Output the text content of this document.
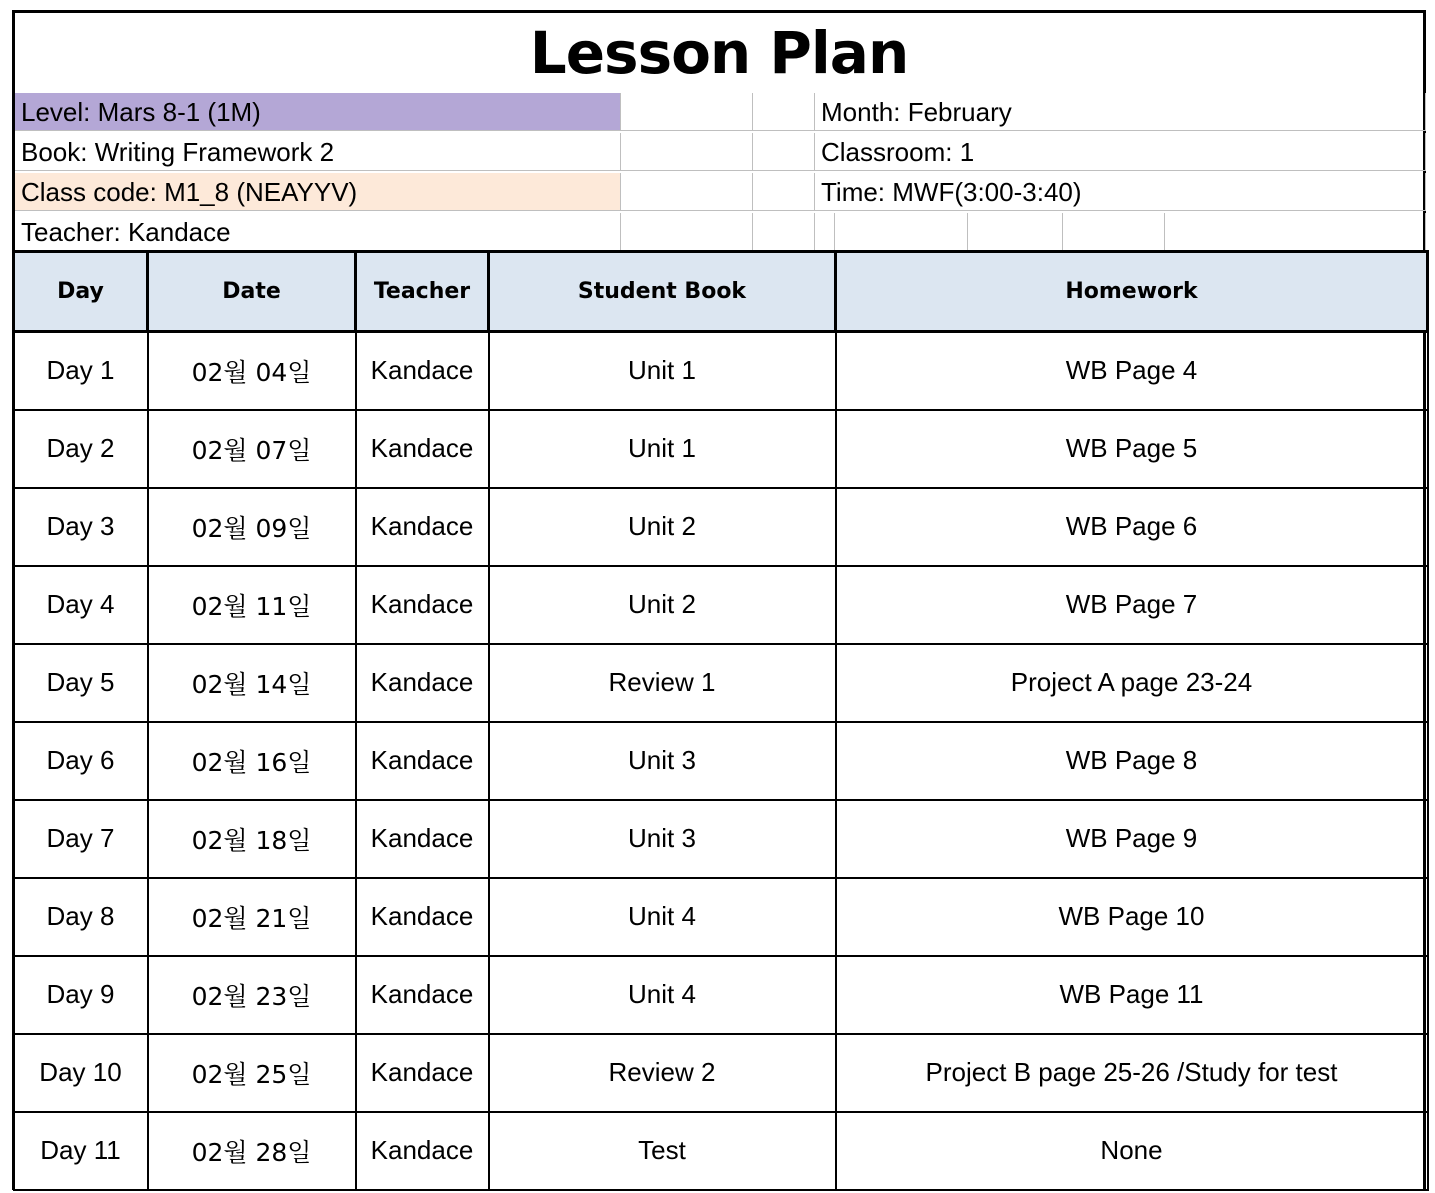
Lesson Plan
Level: Mars 8-1 (1M)	Month: February
Book: Writing Framework 2	Classroom: 1
Class code: M1_8 (NEAYYV)	Time: MWF(3:00-3:40)
Teacher: Kandace
Day	Date	Teacher	Student Book	Homework
Day 1	02월 04일	Kandace	Unit 1	WB Page 4
Day 2	02월 07일	Kandace	Unit 1	WB Page 5
Day 3	02월 09일	Kandace	Unit 2	WB Page 6
Day 4	02월 11일	Kandace	Unit 2	WB Page 7
Day 5	02월 14일	Kandace	Review 1	Project A page 23-24
Day 6	02월 16일	Kandace	Unit 3	WB Page 8
Day 7	02월 18일	Kandace	Unit 3	WB Page 9
Day 8	02월 21일	Kandace	Unit 4	WB Page 10
Day 9	02월 23일	Kandace	Unit 4	WB Page 11
Day 10	02월 25일	Kandace	Review 2	Project B page 25-26 /Study for test
Day 11	02월 28일	Kandace	Test	None
